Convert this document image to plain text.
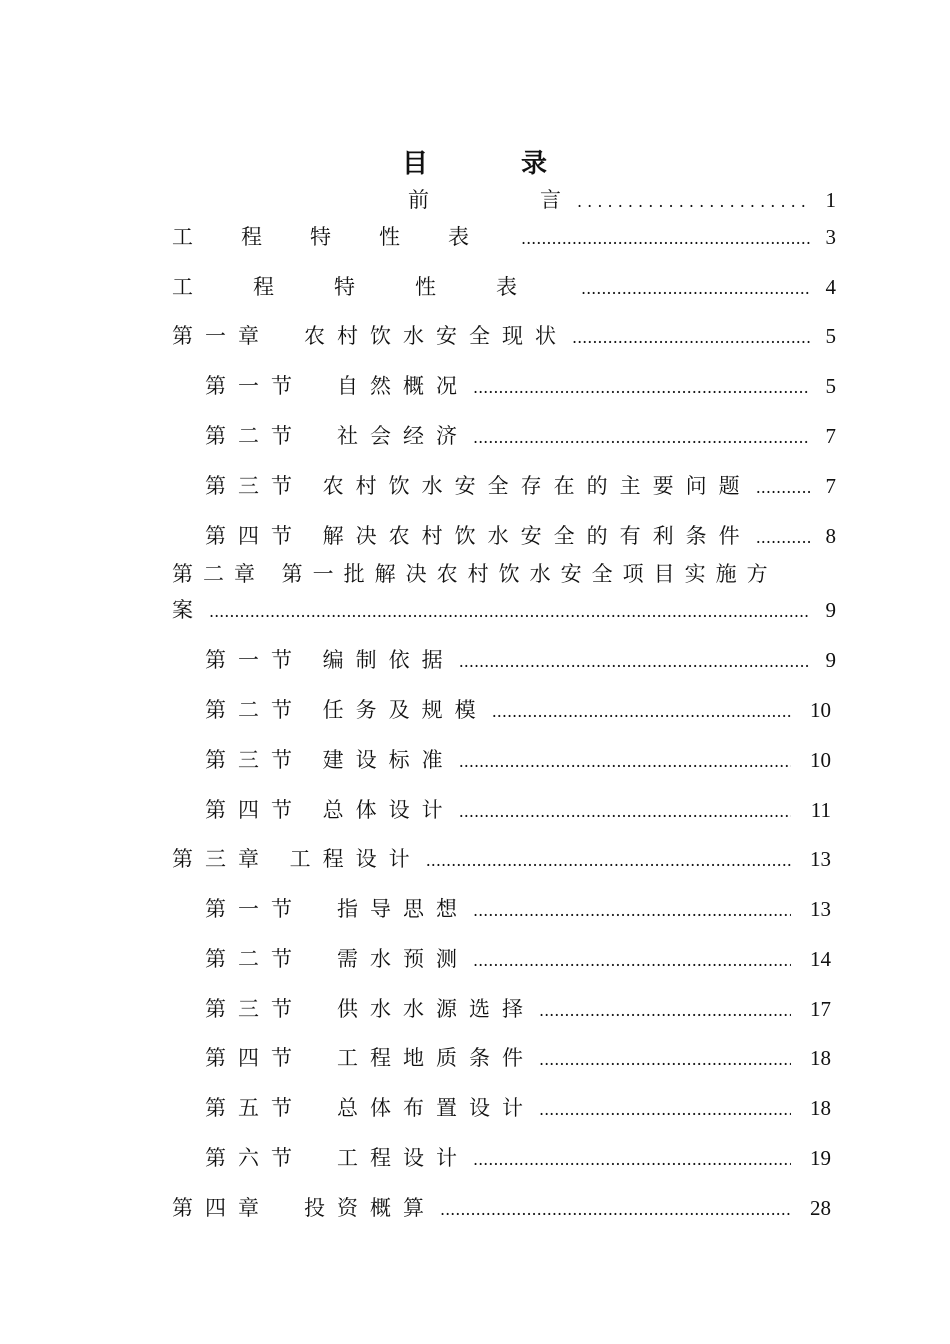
目	录
前　　　言 . . .	1
工程特性表 .....	3
工程特性表 .....	4
第一章　农村饮水安全现状 .....	5
第一节　自然概况 .....	5
第二节　社会经济 .....	7
第三节 农村饮水安全存在的主要问题 .....	7
第四节 解决农村饮水安全的有利条件 .....	8
第二章 第一批解决农村饮水安全项目实施方
案 .....	9
第一节 编制依据 .....	9
第二节 任务及规模 .....	10
第三节 建设标准 .....	10
第四节 总体设计 .....	11
第三章 工程设计 .....	13
第一节　指导思想 .....	13
第二节　需水预测 .....	14
第三节　供水水源选择 .....	17
第四节　工程地质条件 .....	18
第五节　总体布置设计 .....	18
第六节　工程设计 .....	19
第四章　投资概算 .....	28
